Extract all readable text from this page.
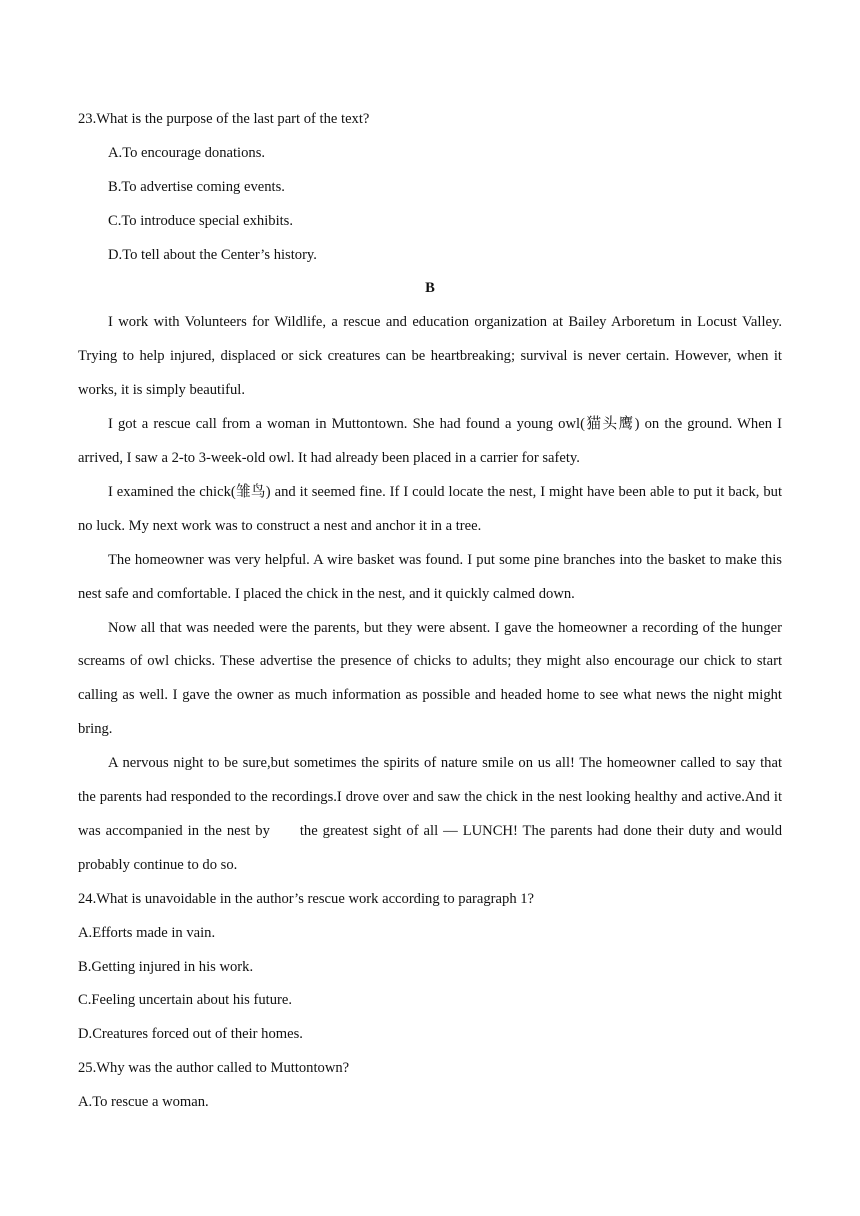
23.What is the purpose of the last part of the text?

A.To encourage donations.

B.To advertise coming events.

C.To introduce special exhibits.

D.To tell about the Center’s history.

B

I work with Volunteers for Wildlife, a rescue and education organization at Bailey Arboretum in Locust Valley. Trying to help injured, displaced or sick creatures can be heartbreaking; survival is never certain. However, when it works, it is simply beautiful.

I got a rescue call from a woman in Muttontown. She had found a young owl(猫头鹰) on the ground. When I arrived, I saw a 2-to 3-week-old owl. It had already been placed in a carrier for safety.

I examined the chick(雏鸟) and it seemed fine. If I could locate the nest, I might have been able to put it back, but no luck. My next work was to construct a nest and anchor it in a tree.

The homeowner was very helpful. A wire basket was found. I put some pine branches into the basket to make this nest safe and comfortable. I placed the chick in the nest, and it quickly calmed down.

Now all that was needed were the parents, but they were absent. I gave the homeowner a recording of the hunger screams of owl chicks. These advertise the presence of chicks to adults; they might also encourage our chick to start calling as well. I gave the owner as much information as possible and headed home to see what news the night might bring.

A nervous night to be sure,but sometimes the spirits of nature smile on us all! The homeowner called to say that the parents had responded to the recordings.I drove over and saw the chick in the nest looking healthy and active.And it was accompanied in the nest by      the greatest sight of all — LUNCH! The parents had done their duty and would probably continue to do so.

24.What is unavoidable in the author’s rescue work according to paragraph 1?

A.Efforts made in vain.

B.Getting injured in his work.

C.Feeling uncertain about his future.

D.Creatures forced out of their homes.

25.Why was the author called to Muttontown?

A.To rescue a woman.
